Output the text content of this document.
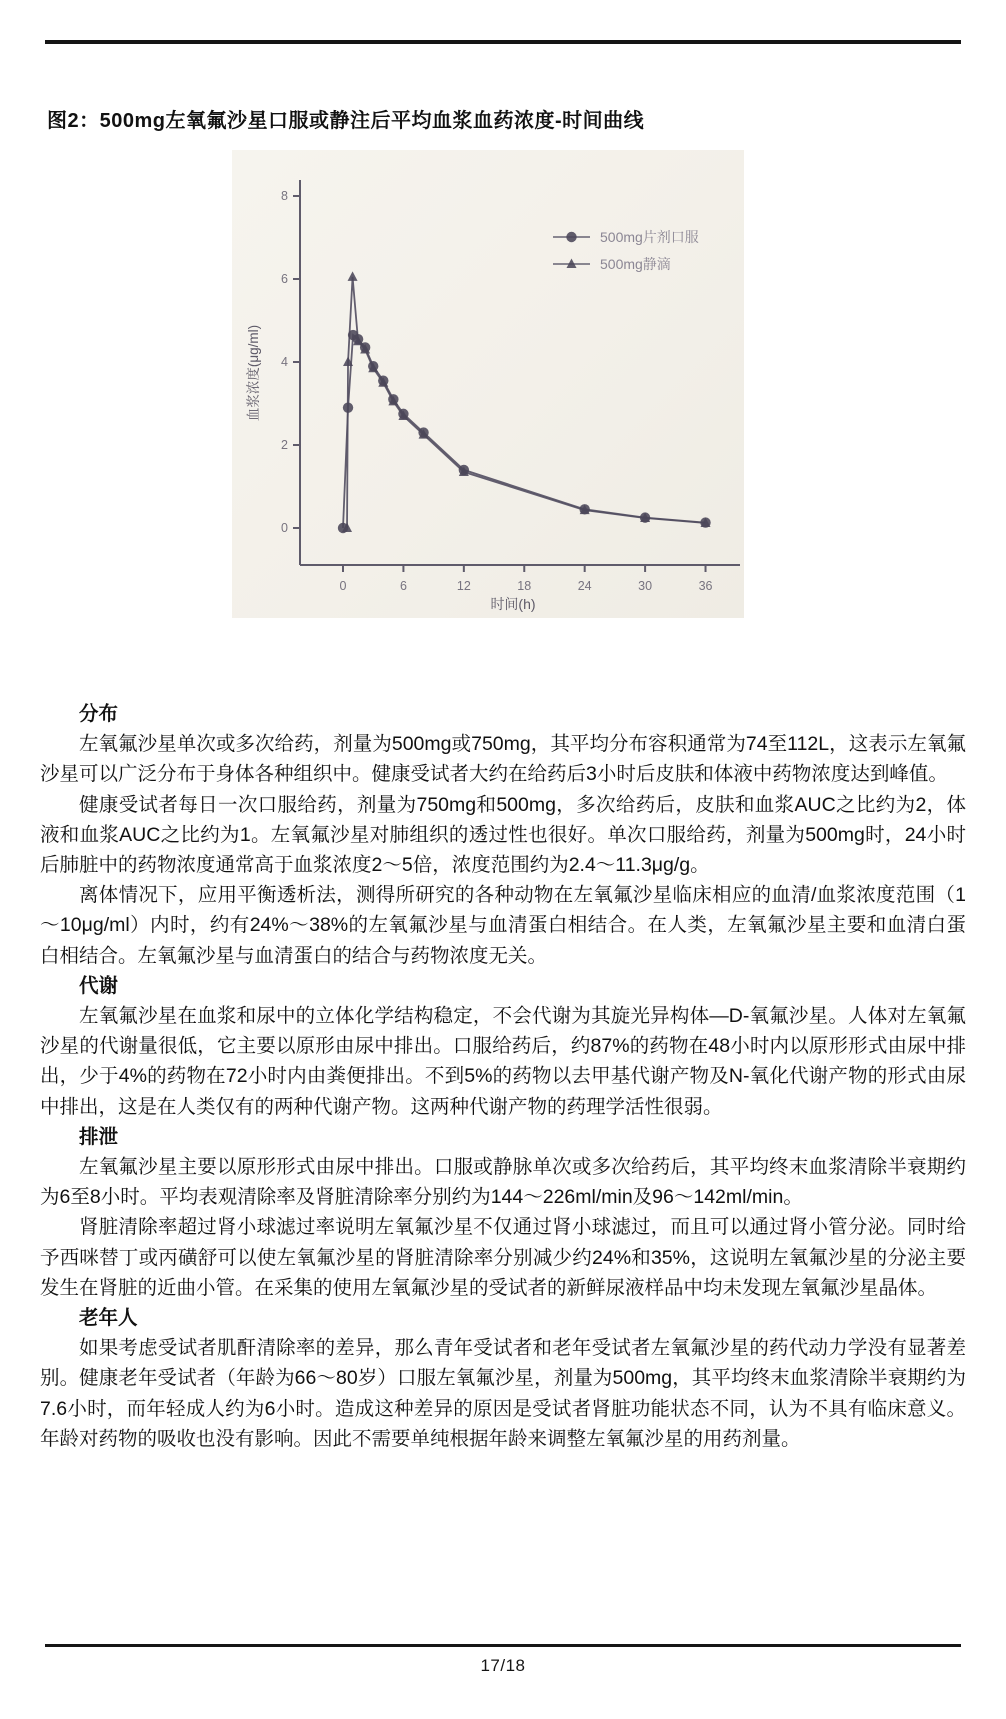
图2：500mg左氧氟沙星口服或静注后平均血浆血药浓度-时间曲线
0
2
4
6
8
0	6	12	18	24	30	36
时间(h)
血浆浓度(μg/ml)
500mg片剂口服
500mg静滴
分布

左氧氟沙星单次或多次给药，剂量为500mg或750mg，其平均分布容积通常为74至112L，这表示左氧氟沙星可以广泛分布于身体各种组织中。健康受试者大约在给药后3小时后皮肤和体液中药物浓度达到峰值。

健康受试者每日一次口服给药，剂量为750mg和500mg，多次给药后，皮肤和血浆AUC之比约为2，体液和血浆AUC之比约为1。左氧氟沙星对肺组织的透过性也很好。单次口服给药，剂量为500mg时，24小时后肺脏中的药物浓度通常高于血浆浓度2～5倍，浓度范围约为2.4～11.3μg/g。

离体情况下，应用平衡透析法，测得所研究的各种动物在左氧氟沙星临床相应的血清/血浆浓度范围（1～10μg/ml）内时，约有24%～38%的左氧氟沙星与血清蛋白相结合。在人类，左氧氟沙星主要和血清白蛋白相结合。左氧氟沙星与血清蛋白的结合与药物浓度无关。

代谢

左氧氟沙星在血浆和尿中的立体化学结构稳定，不会代谢为其旋光异构体—D-氧氟沙星。人体对左氧氟沙星的代谢量很低，它主要以原形由尿中排出。口服给药后，约87%的药物在48小时内以原形形式由尿中排出，少于4%的药物在72小时内由粪便排出。不到5%的药物以去甲基代谢产物及N-氧化代谢产物的形式由尿中排出，这是在人类仅有的两种代谢产物。这两种代谢产物的药理学活性很弱。

排泄

左氧氟沙星主要以原形形式由尿中排出。口服或静脉单次或多次给药后，其平均终末血浆清除半衰期约为6至8小时。平均表观清除率及肾脏清除率分别约为144～226ml/min及96～142ml/min。

肾脏清除率超过肾小球滤过率说明左氧氟沙星不仅通过肾小球滤过，而且可以通过肾小管分泌。同时给予西咪替丁或丙磺舒可以使左氧氟沙星的肾脏清除率分别减少约24%和35%，这说明左氧氟沙星的分泌主要发生在肾脏的近曲小管。在采集的使用左氧氟沙星的受试者的新鲜尿液样品中均未发现左氧氟沙星晶体。

老年人

如果考虑受试者肌酐清除率的差异，那么青年受试者和老年受试者左氧氟沙星的药代动力学没有显著差别。健康老年受试者（年龄为66～80岁）口服左氧氟沙星，剂量为500mg，其平均终末血浆清除半衰期约为7.6小时，而年轻成人约为6小时。造成这种差异的原因是受试者肾脏功能状态不同，认为不具有临床意义。年龄对药物的吸收也没有影响。因此不需要单纯根据年龄来调整左氧氟沙星的用药剂量。

17/18
